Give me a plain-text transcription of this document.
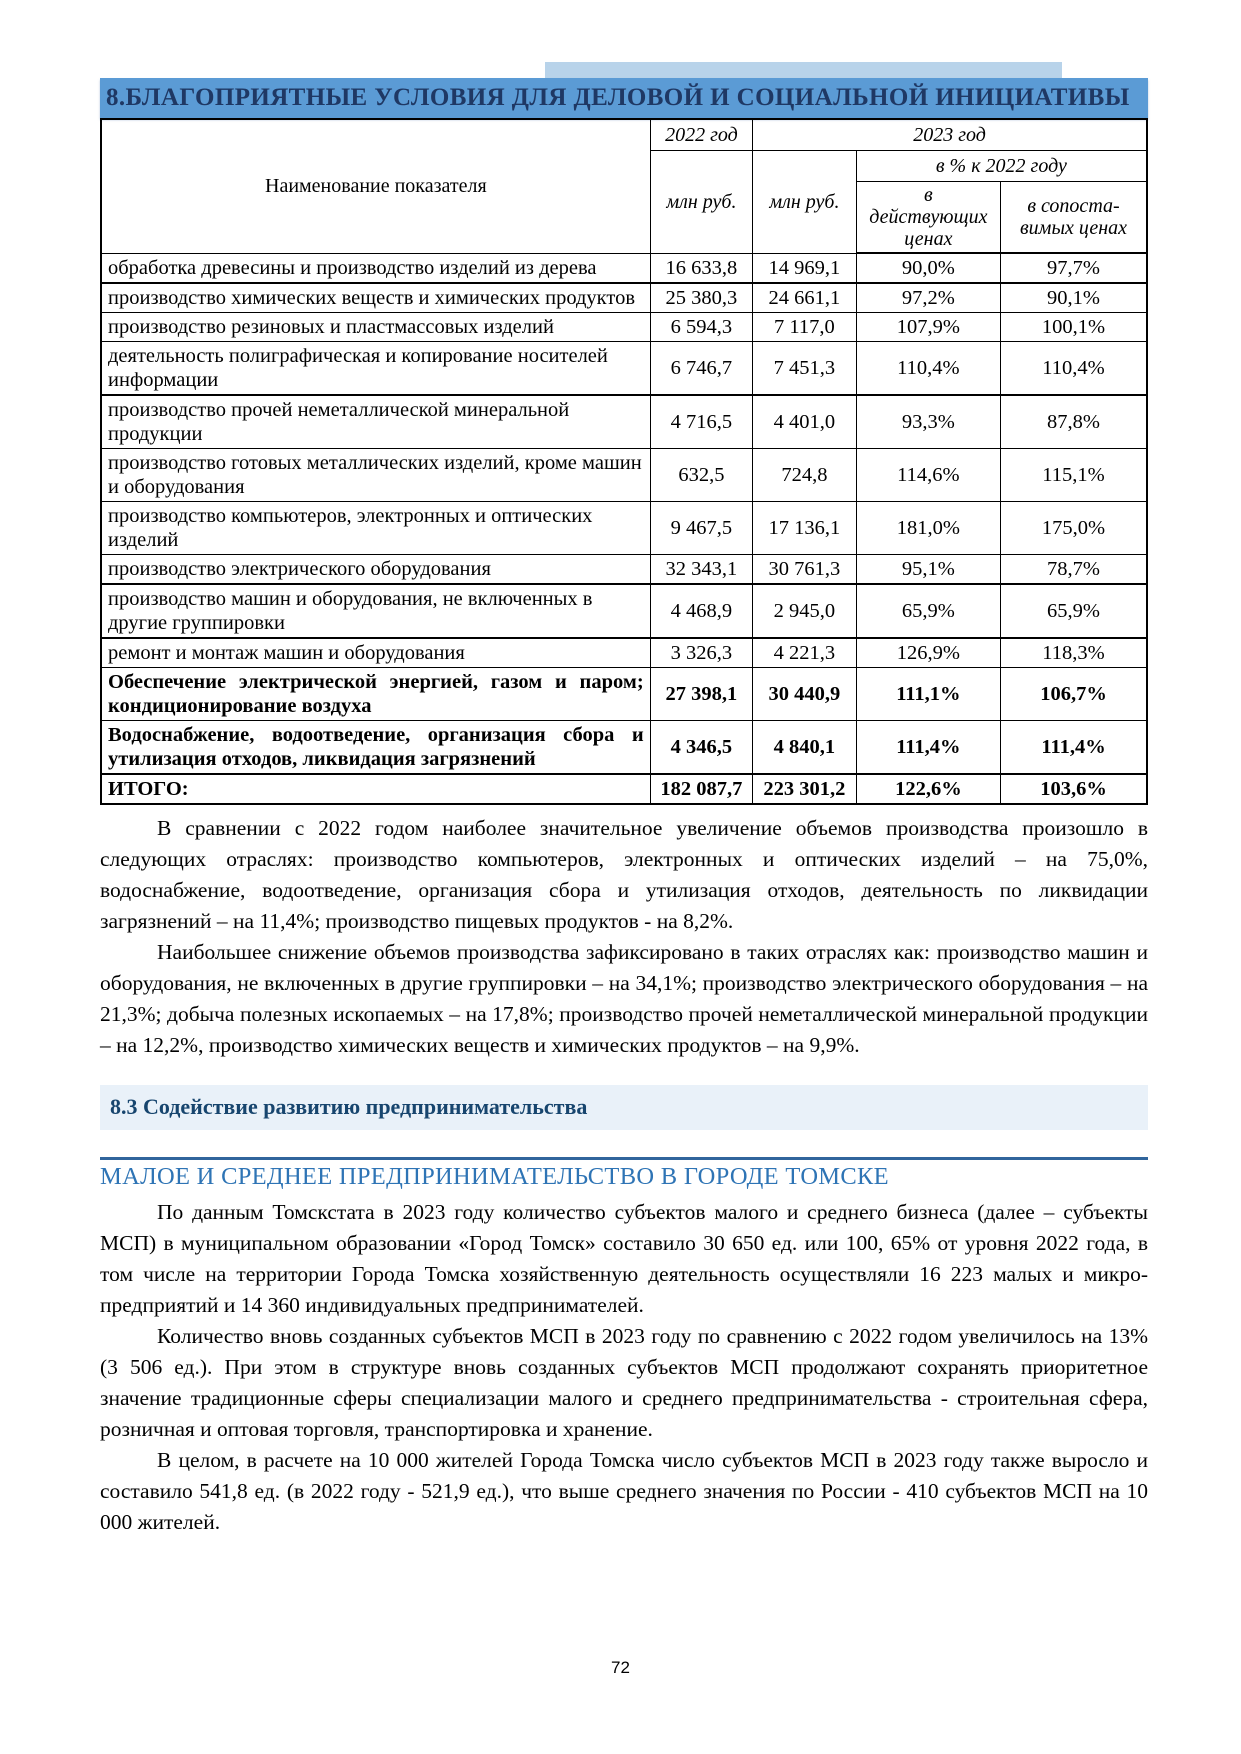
8.БЛАГОПРИЯТНЫЕ УСЛОВИЯ ДЛЯ ДЕЛОВОЙ И СОЦИАЛЬНОЙ ИНИЦИАТИВЫ
Наименование показателя	2022 год	2023 год		
	млн руб.	млн руб.	в % к 2022 году	
			в действующих ценах	в сопоста-вимых ценах
обработка древесины и производство изделий из дерева	16 633,8	14 969,1	90,0%	97,7%
производство химических веществ и химических продуктов	25 380,3	24 661,1	97,2%	90,1%
производство резиновых и пластмассовых изделий	6 594,3	7 117,0	107,9%	100,1%
деятельность полиграфическая и копирование носителей информации	6 746,7	7 451,3	110,4%	110,4%
производство прочей неметаллической минеральной продукции	4 716,5	4 401,0	93,3%	87,8%
производство готовых металлических изделий, кроме машин и оборудования	632,5	724,8	114,6%	115,1%
производство компьютеров, электронных и оптических изделий	9 467,5	17 136,1	181,0%	175,0%
производство электрического оборудования	32 343,1	30 761,3	95,1%	78,7%
производство машин и оборудования, не включенных в другие группировки	4 468,9	2 945,0	65,9%	65,9%
ремонт и монтаж машин и оборудования	3 326,3	4 221,3	126,9%	118,3%
Обеспечение электрической энергией, газом и паром; кондиционирование воздуха	27 398,1	30 440,9	111,1%	106,7%
Водоснабжение, водоотведение, организация сбора и утилизация отходов, ликвидация загрязнений	4 346,5	4 840,1	111,4%	111,4%
ИТОГО:	182 087,7	223 301,2	122,6%	103,6%

В сравнении с 2022 годом наиболее значительное увеличение объемов производства произошло в следующих отраслях: производство компьютеров, электронных и оптических изделий – на 75,0%, водоснабжение, водоотведение, организация сбора и утилизация отходов, деятельность по ликвидации загрязнений – на 11,4%; производство пищевых продуктов - на 8,2%.

Наибольшее снижение объемов производства зафиксировано в таких отраслях как: производство машин и оборудования, не включенных в другие группировки – на 34,1%; производство электрического оборудования – на 21,3%; добыча полезных ископаемых – на 17,8%; производство прочей неметаллической минеральной продукции – на 12,2%, производство химических веществ и химических продуктов – на 9,9%.

8.3 Содействие развитию предпринимательства
МАЛОЕ И СРЕДНЕЕ ПРЕДПРИНИМАТЕЛЬСТВО В ГОРОДЕ ТОМСКЕ

По данным Томскстата в 2023 году количество субъектов малого и среднего бизнеса (далее – субъекты МСП) в муниципальном образовании «Город Томск» составило 30 650 ед. или 100, 65% от уровня 2022 года, в том числе на территории Города Томска хозяйственную деятельность осуществляли 16 223 малых и микро- предприятий и 14 360 индивидуальных предпринимателей.

Количество вновь созданных субъектов МСП в 2023 году по сравнению с 2022 годом увеличилось на 13% (3 506 ед.). При этом в структуре вновь созданных субъектов МСП продолжают сохранять приоритетное значение традиционные сферы специализации малого и среднего предпринимательства - строительная сфера, розничная и оптовая торговля, транспортировка и хранение.

В целом, в расчете на 10 000 жителей Города Томска число субъектов МСП в 2023 году также выросло и составило 541,8 ед. (в 2022 году - 521,9 ед.), что выше среднего значения по России - 410 субъектов МСП на 10 000 жителей.

72
